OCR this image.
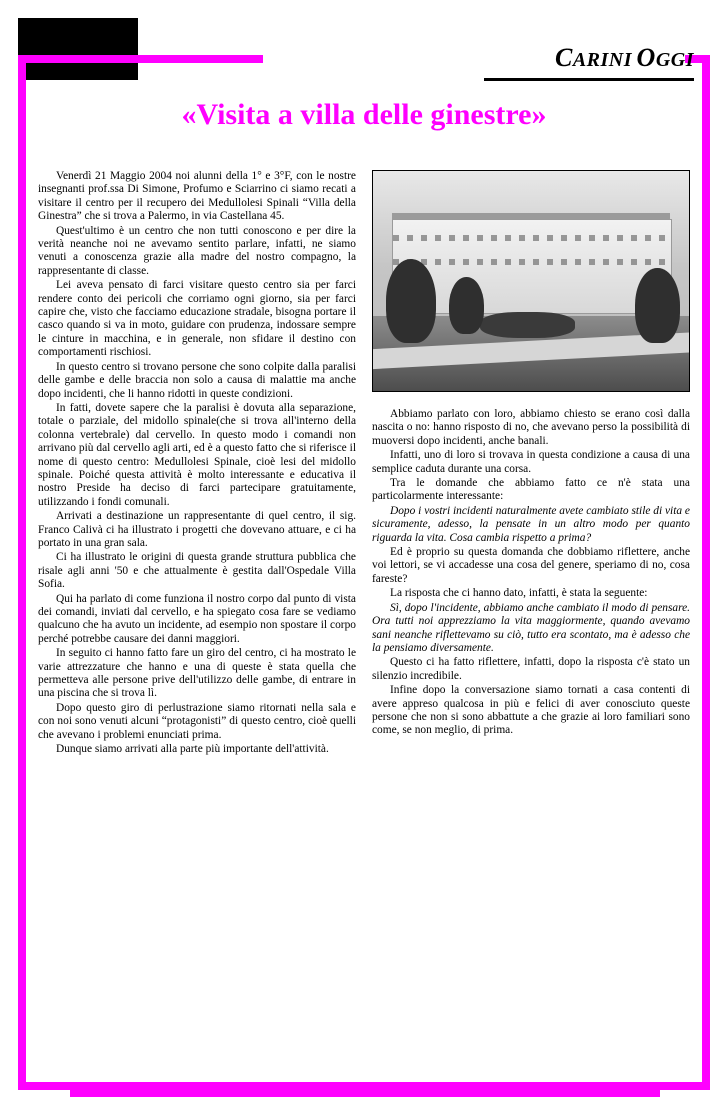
CARINI OGGI
«Visita a villa delle ginestre»

Venerdì 21 Maggio 2004 noi alunni della 1° e 3°F, con le nostre insegnanti prof.ssa Di Simone, Profumo e Sciarrino ci siamo recati a visitare il centro per il recupero dei Medullolesi Spinali “Villa della Ginestra” che si trova a Palermo, in via Castellana 45.

Quest'ultimo è un centro che non tutti conoscono e per dire la verità neanche noi ne avevamo sentito parlare, infatti, ne siamo venuti a conoscenza grazie alla madre del nostro compagno, la rappresentante di classe.

Lei aveva pensato di farci visitare questo centro sia per farci rendere conto dei pericoli che corriamo ogni giorno, sia per farci capire che, visto che facciamo educazione stradale, bisogna portare il casco quando si va in moto, guidare con prudenza, indossare sempre le cinture in macchina, e in generale, non sfidare il destino con comportamenti rischiosi.

In questo centro si trovano persone che sono colpite dalla paralisi delle gambe e delle braccia non solo a causa di malattie ma anche dopo incidenti, che li hanno ridotti in queste condizioni.

In fatti, dovete sapere che la paralisi è dovuta alla separazione, totale o parziale, del midollo spinale(che si trova all'interno della colonna vertebrale) dal cervello. In questo modo i comandi non arrivano più dal cervello agli arti, ed è a questo fatto che si riferisce il nome di questo centro: Medullolesi Spinale, cioè lesi del midollo spinale. Poiché questa attività è molto interessante e educativa il nostro Preside ha deciso di farci partecipare gratuitamente, utilizzando i fondi comunali.

Arrivati a destinazione un rappresentante di quel centro, il sig. Franco Calivà ci ha illustrato i progetti che dovevano attuare, e ci ha portato in una gran sala.

Ci ha illustrato le origini di questa grande struttura pubblica che risale agli anni '50 e che attualmente è gestita dall'Ospedale Villa Sofia.

Qui ha parlato di come funziona il nostro corpo dal punto di vista dei comandi, inviati dal cervello, e ha spiegato cosa fare se vediamo qualcuno che ha avuto un incidente, ad esempio non spostare il corpo perché potrebbe causare dei danni maggiori.

In seguito ci hanno fatto fare un giro del centro, ci ha mostrato le varie attrezzature che hanno e una di queste è stata quella che permetteva alle persone prive dell'utilizzo delle gambe, di entrare in una piscina che si trova lì.

Dopo questo giro di perlustrazione siamo ritornati nella sala e con noi sono venuti alcuni “protagonisti” di questo centro, cioè quelli che avevano i problemi enunciati prima.

Dunque siamo arrivati alla parte più importante dell'attività.

Abbiamo parlato con loro, abbiamo chiesto se erano così dalla nascita o no: hanno risposto di no, che avevano perso la possibilità di muoversi dopo incidenti, anche banali.

Infatti, uno di loro si trovava in questa condizione a causa di una semplice caduta durante una corsa.

Tra le domande che abbiamo fatto ce n'è stata una particolarmente interessante:

Dopo i vostri incidenti naturalmente avete cambiato stile di vita e sicuramente, adesso, la pensate in un altro modo per quanto riguarda la vita. Cosa cambia rispetto a prima?

Ed è proprio su questa domanda che dobbiamo riflettere, anche voi lettori, se vi accadesse una cosa del genere, speriamo di no, cosa fareste?

La risposta che ci hanno dato, infatti, è stata la seguente:

Sì, dopo l'incidente, abbiamo anche cambiato il modo di pensare. Ora tutti noi apprezziamo la vita maggiormente, quando avevamo sani neanche riflettevamo su ciò, tutto era scontato, ma è adesso che la pensiamo diversamente.

Questo ci ha fatto riflettere, infatti, dopo la risposta c'è stato un silenzio incredibile.

Infine dopo la conversazione siamo tornati a casa contenti di avere appreso qualcosa in più e felici di aver conosciuto queste persone che non si sono abbattute a che grazie ai loro familiari sono come, se non meglio, di prima.
